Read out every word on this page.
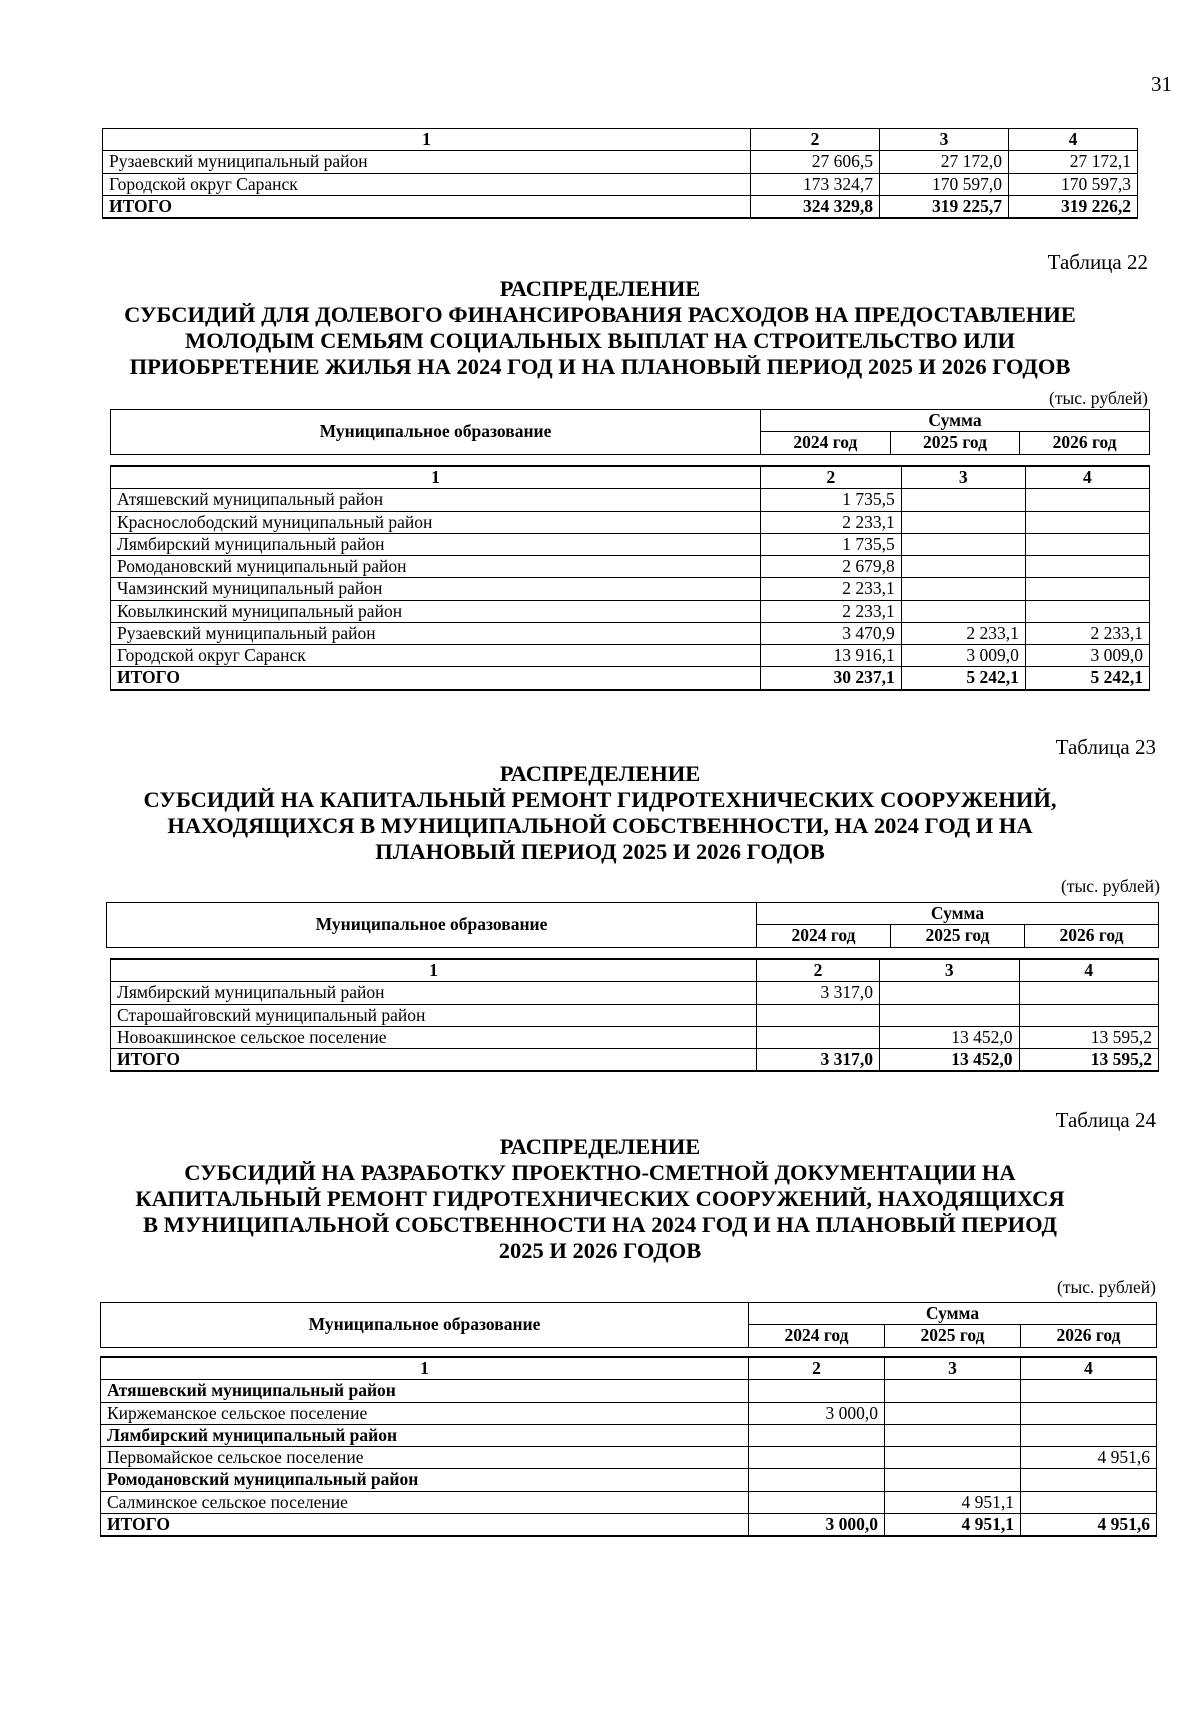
31
1	2	3	4
Рузаевский муниципальный район	27 606,5	27 172,0	27 172,1
Городской округ Саранск	173 324,7	170 597,0	170 597,3
ИТОГО	324 329,8	319 225,7	319 226,2
Таблица 22
РАСПРЕДЕЛЕНИЕ
СУБСИДИЙ ДЛЯ ДОЛЕВОГО ФИНАНСИРОВАНИЯ РАСХОДОВ НА ПРЕДОСТАВЛЕНИЕ
МОЛОДЫМ СЕМЬЯМ СОЦИАЛЬНЫХ ВЫПЛАТ НА СТРОИТЕЛЬСТВО ИЛИ
ПРИОБРЕТЕНИЕ ЖИЛЬЯ НА 2024 ГОД И НА ПЛАНОВЫЙ ПЕРИОД 2025 И 2026 ГОДОВ
(тыс. рублей)
Муниципальное образование	Сумма		
	2024 год	2025 год	2026 год
1	2	3	4
Атяшевский муниципальный район	1 735,5		
Краснослободский муниципальный район	2 233,1		
Лямбирский муниципальный район	1 735,5		
Ромодановский муниципальный район	2 679,8		
Чамзинский муниципальный район	2 233,1		
Ковылкинский муниципальный район	2 233,1		
Рузаевский муниципальный район	3 470,9	2 233,1	2 233,1
Городской округ Саранск	13 916,1	3 009,0	3 009,0
ИТОГО	30 237,1	5 242,1	5 242,1
Таблица 23
РАСПРЕДЕЛЕНИЕ
СУБСИДИЙ НА КАПИТАЛЬНЫЙ РЕМОНТ ГИДРОТЕХНИЧЕСКИХ СООРУЖЕНИЙ,
НАХОДЯЩИХСЯ В МУНИЦИПАЛЬНОЙ СОБСТВЕННОСТИ, НА 2024 ГОД И НА
ПЛАНОВЫЙ ПЕРИОД 2025 И 2026 ГОДОВ
(тыс. рублей)
Муниципальное образование	Сумма		
	2024 год	2025 год	2026 год
1	2	3	4
Лямбирский муниципальный район	3 317,0		
Старошайговский муниципальный район			
Новоакшинское сельское поселение		13 452,0	13 595,2
ИТОГО	3 317,0	13 452,0	13 595,2
Таблица 24
РАСПРЕДЕЛЕНИЕ
СУБСИДИЙ НА РАЗРАБОТКУ ПРОЕКТНО-СМЕТНОЙ ДОКУМЕНТАЦИИ НА
КАПИТАЛЬНЫЙ РЕМОНТ ГИДРОТЕХНИЧЕСКИХ СООРУЖЕНИЙ, НАХОДЯЩИХСЯ
В МУНИЦИПАЛЬНОЙ СОБСТВЕННОСТИ НА 2024 ГОД И НА ПЛАНОВЫЙ ПЕРИОД
2025 И 2026 ГОДОВ
(тыс. рублей)
Муниципальное образование	Сумма		
	2024 год	2025 год	2026 год
1	2	3	4
Атяшевский муниципальный район			
Киржеманское сельское поселение	3 000,0		
Лямбирский муниципальный район			
Первомайское сельское поселение			4 951,6
Ромодановский муниципальный район			
Салминское сельское поселение		4 951,1	
ИТОГО	3 000,0	4 951,1	4 951,6
